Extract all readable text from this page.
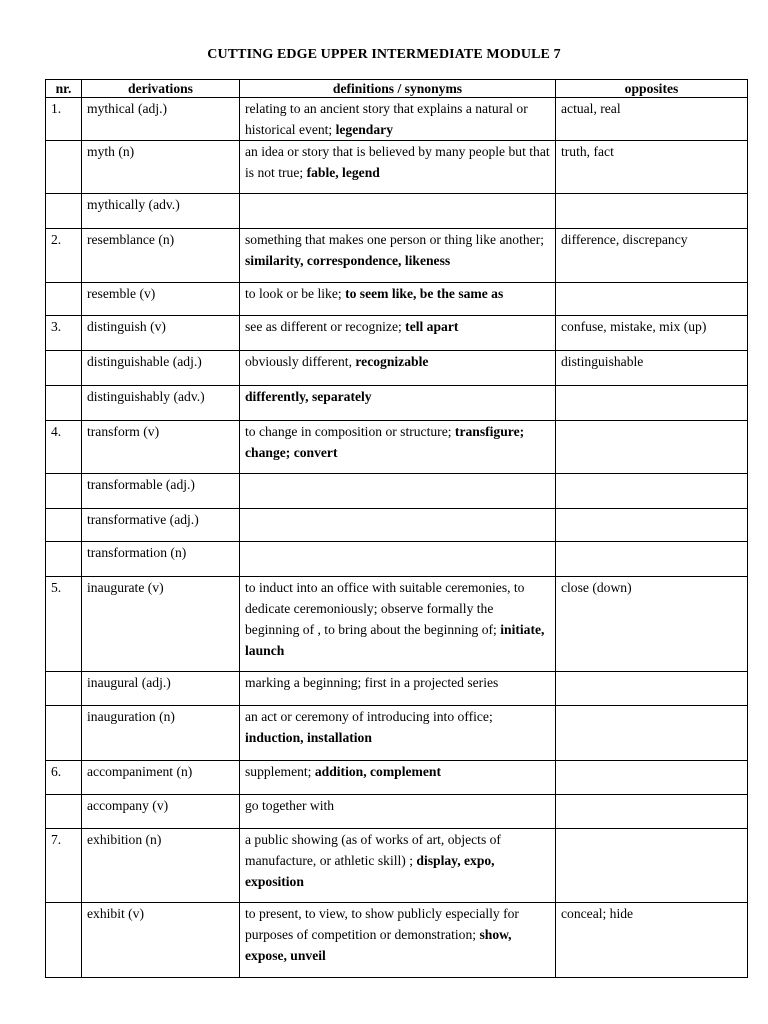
CUTTING EDGE UPPER INTERMEDIATE MODULE 7
nr.	derivations	definitions / synonyms	opposites
1.	mythical (adj.)	relating to an ancient story that explains a natural or historical event; legendary	actual, real
	myth (n)	an idea or story that is believed by many people but that is not true; fable, legend	truth, fact
	mythically (adv.)		
2.	resemblance (n)	something that makes one person or thing like another; similarity, correspondence, likeness	difference, discrepancy
	resemble (v)	to look or be like; to seem like, be the same as	
3.	distinguish (v)	see as different or recognize; tell apart	confuse, mistake, mix (up)
	distinguishable (adj.)	obviously different, recognizable	distinguishable
	distinguishably (adv.)	differently, separately	
4.	transform (v)	to change in composition or structure; transfigure; change; convert	
	transformable (adj.)		
	transformative (adj.)		
	transformation (n)		
5.	inaugurate (v)	to induct into an office with suitable ceremonies, to dedicate ceremoniously; observe formally the beginning of , to bring about the beginning of; initiate, launch	close (down)
	inaugural (adj.)	marking a beginning; first in a projected series	
	inauguration (n)	an act or ceremony of introducing into office; induction, installation	
6.	accompaniment (n)	supplement; addition, complement	
	accompany (v)	go together with	
7.	exhibition (n)	a public showing (as of works of art, objects of manufacture, or athletic skill) ; display, expo, exposition	
	exhibit (v)	to present, to view, to show publicly especially for purposes of competition or demonstration; show, expose, unveil	conceal; hide
